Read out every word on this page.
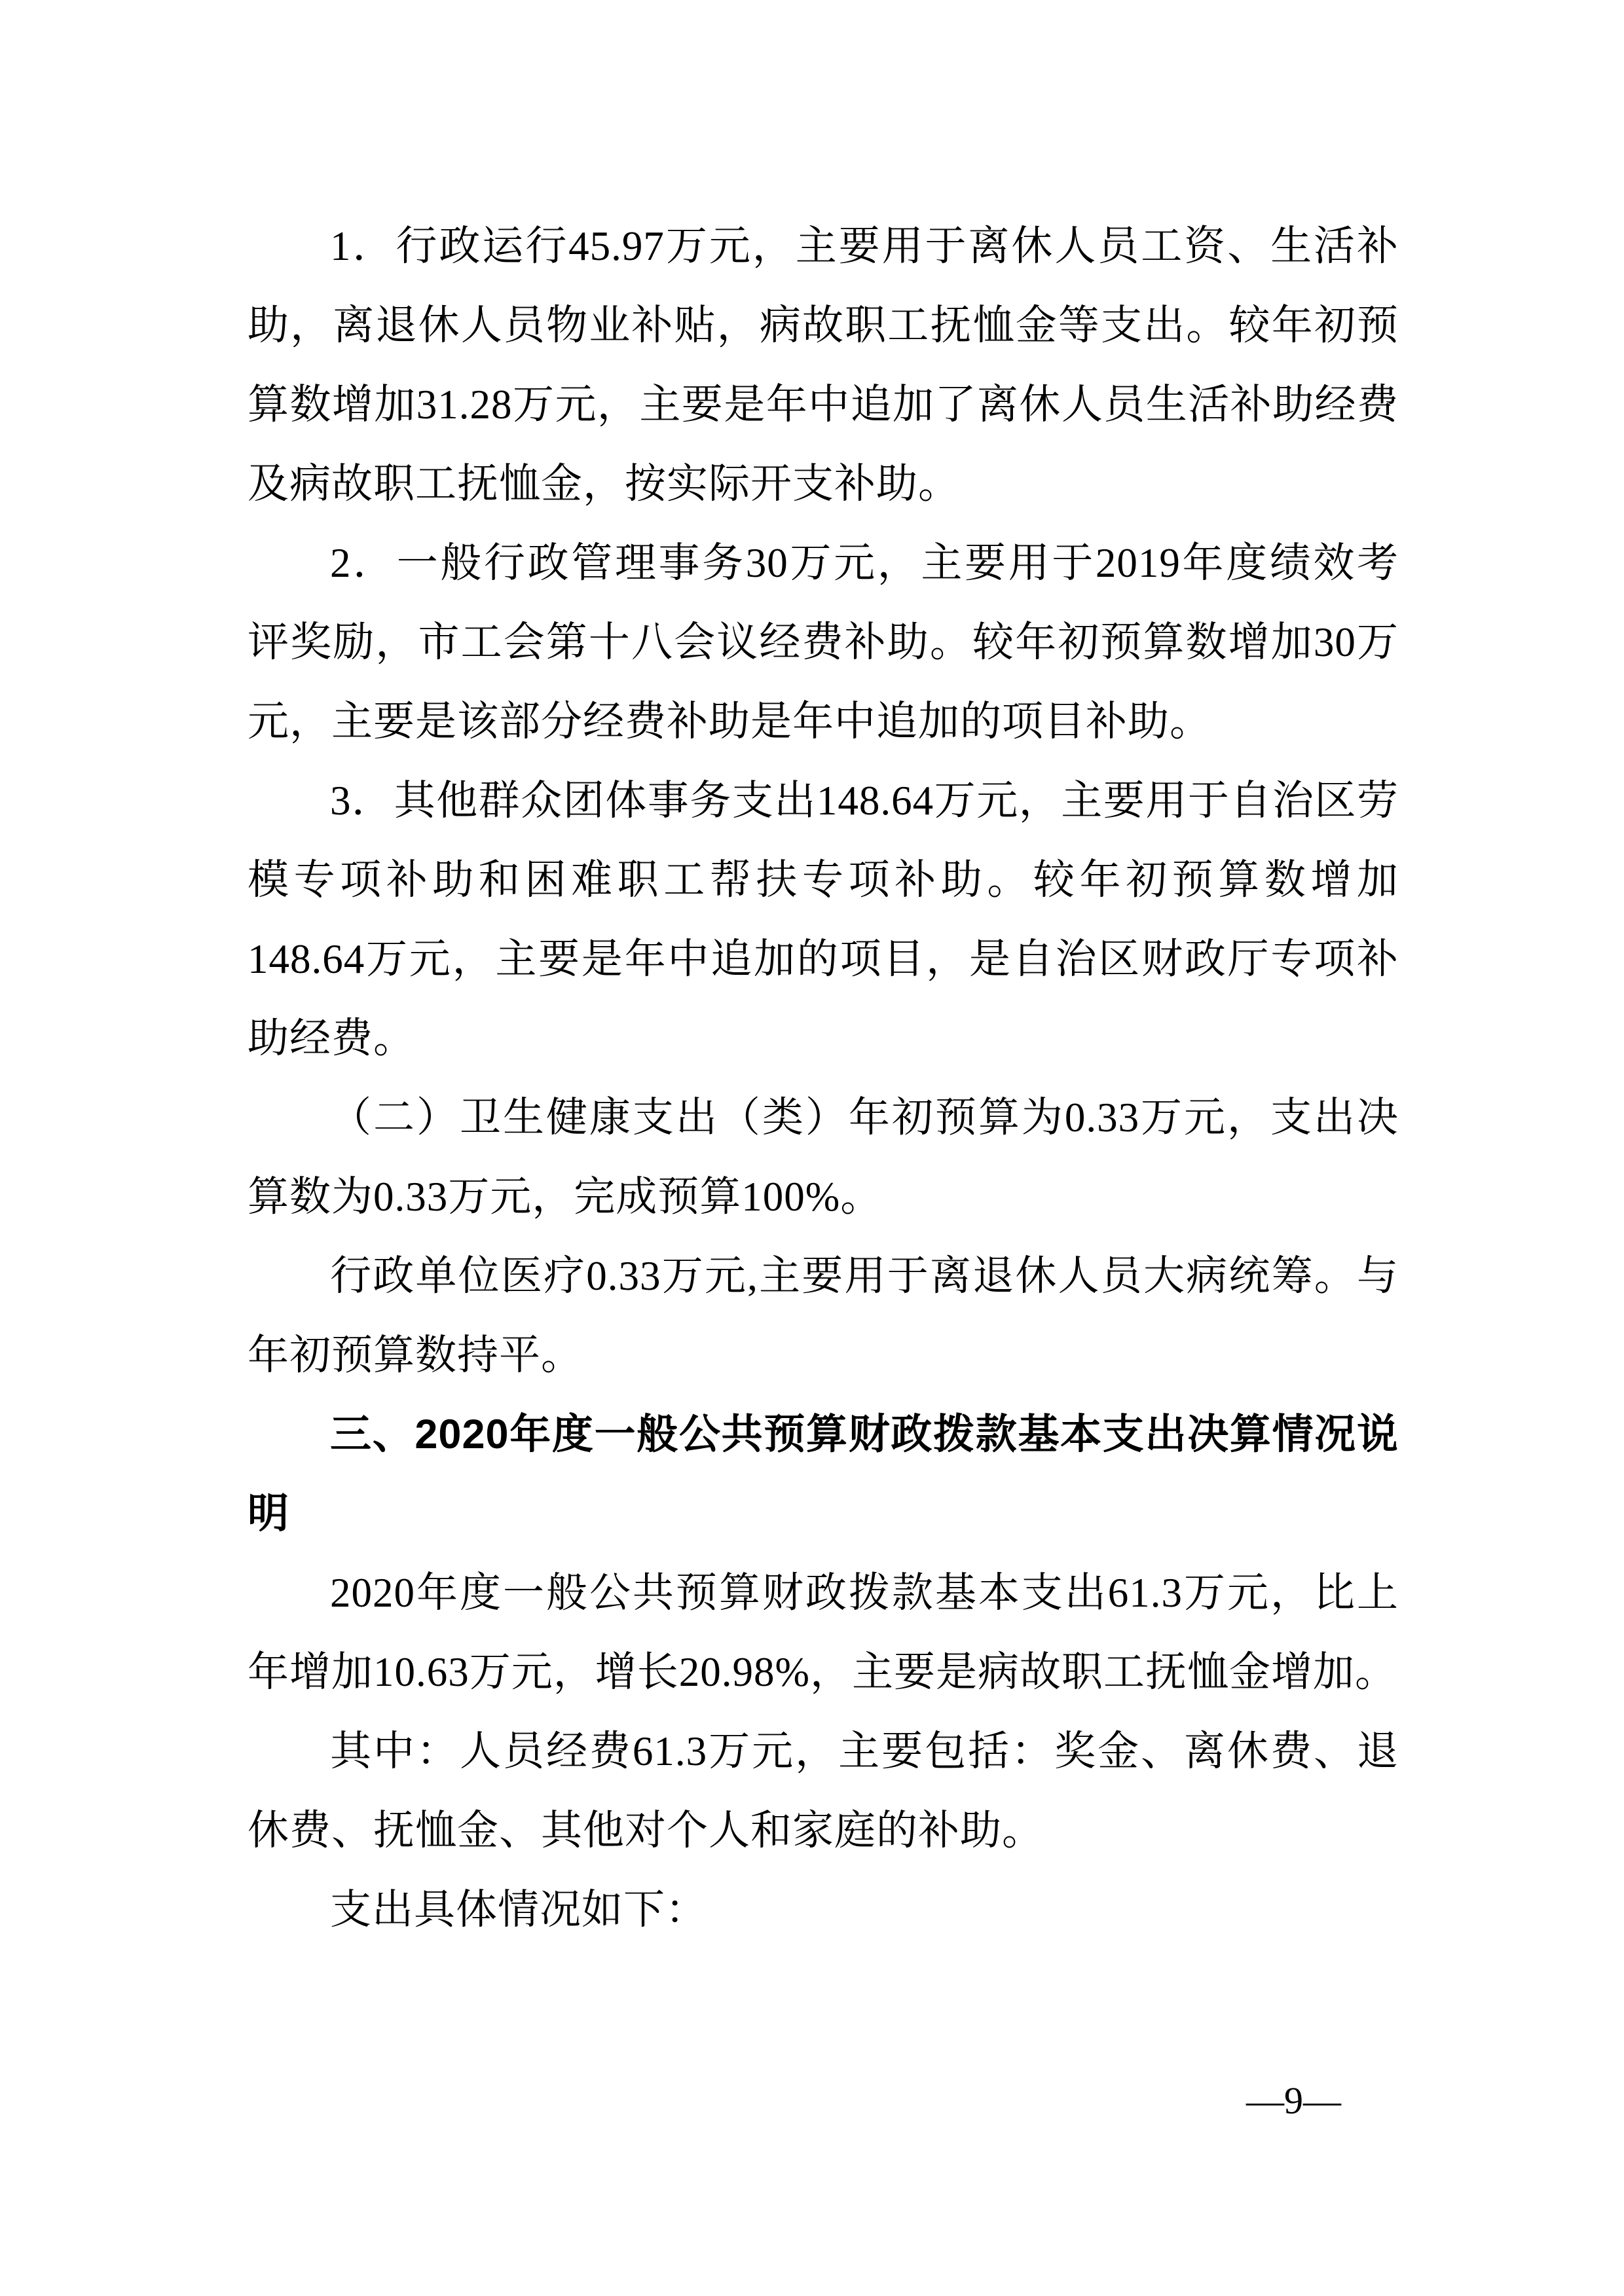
1．行政运行45.97万元，主要用于离休人员工资、生活补助，离退休人员物业补贴，病故职工抚恤金等支出。较年初预算数增加31.28万元，主要是年中追加了离休人员生活补助经费及病故职工抚恤金，按实际开支补助。

2．一般行政管理事务30万元，主要用于2019年度绩效考评奖励，市工会第十八会议经费补助。较年初预算数增加30万元，主要是该部分经费补助是年中追加的项目补助。

3．其他群众团体事务支出148.64万元，主要用于自治区劳模专项补助和困难职工帮扶专项补助。较年初预算数增加148.64万元，主要是年中追加的项目，是自治区财政厅专项补助经费。

（二）卫生健康支出（类）年初预算为0.33万元，支出决算数为0.33万元，完成预算100%。

行政单位医疗0.33万元,主要用于离退休人员大病统筹。与年初预算数持平。

三、2020年度一般公共预算财政拨款基本支出决算情况说明

2020年度一般公共预算财政拨款基本支出61.3万元，比上年增加10.63万元，增长20.98%，主要是病故职工抚恤金增加。

其中：人员经费61.3万元，主要包括：奖金、离休费、退休费、抚恤金、其他对个人和家庭的补助。

支出具体情况如下：

—9—
